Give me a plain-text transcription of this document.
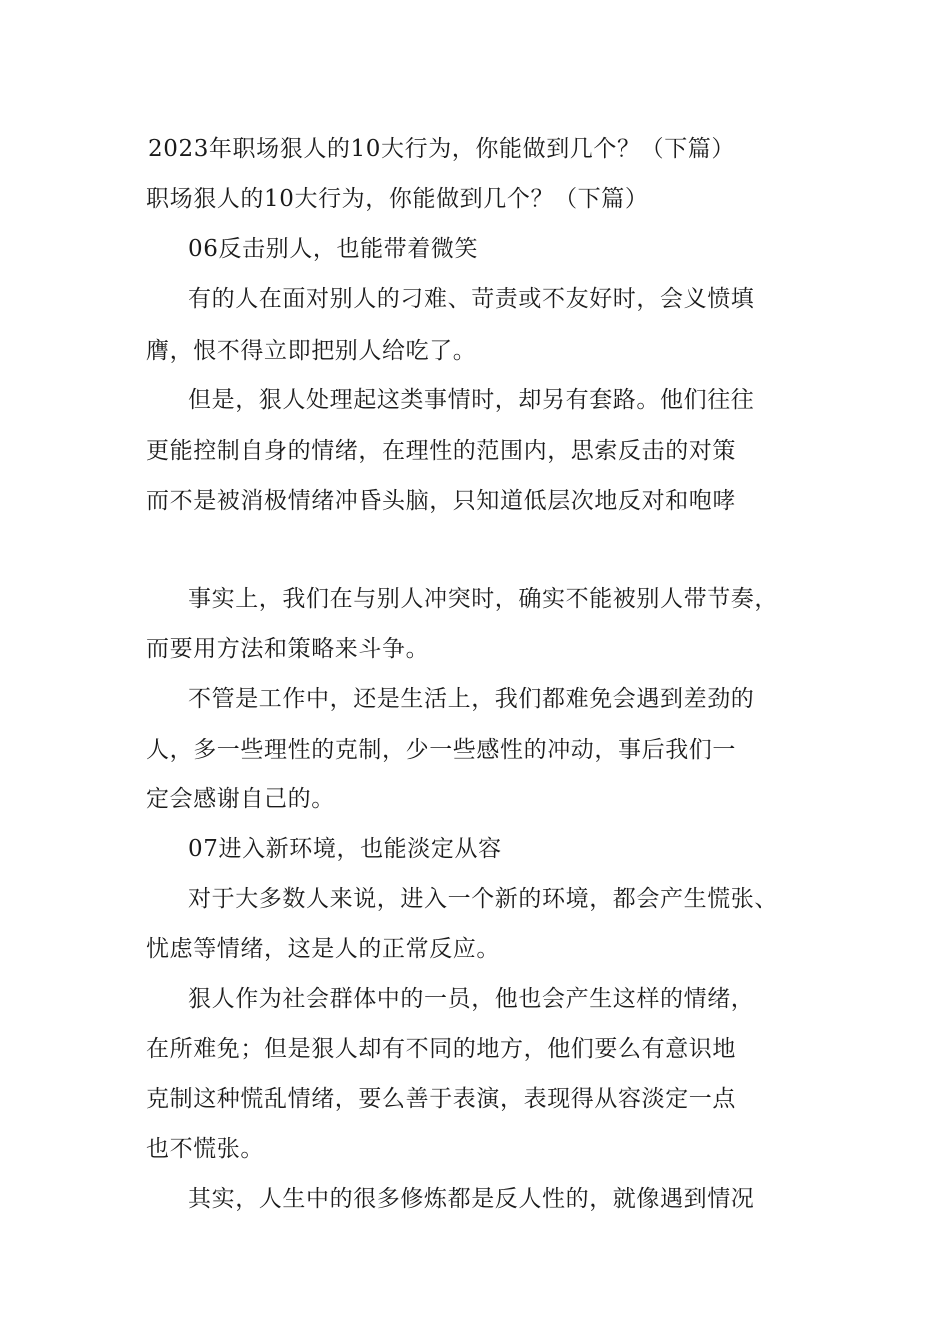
2023年职场狠人的10大行为，你能做到几个？（下篇）
职场狠人的10大行为，你能做到几个？（下篇）
06反击别人，也能带着微笑
有的人在面对别人的刁难、苛责或不友好时，会义愤填
膺，恨不得立即把别人给吃了。
但是，狠人处理起这类事情时，却另有套路。他们往往
更能控制自身的情绪，在理性的范围内，思索反击的对策
而不是被消极情绪冲昏头脑，只知道低层次地反对和咆哮
事实上，我们在与别人冲突时，确实不能被别人带节奏，
而要用方法和策略来斗争。
不管是工作中，还是生活上，我们都难免会遇到差劲的
人，多一些理性的克制，少一些感性的冲动，事后我们一
定会感谢自己的。
07进入新环境，也能淡定从容
对于大多数人来说，进入一个新的环境，都会产生慌张、
忧虑等情绪，这是人的正常反应。
狠人作为社会群体中的一员，他也会产生这样的情绪，
在所难免；但是狠人却有不同的地方，他们要么有意识地
克制这种慌乱情绪，要么善于表演，表现得从容淡定一点
也不慌张。
其实，人生中的很多修炼都是反人性的，就像遇到情况
